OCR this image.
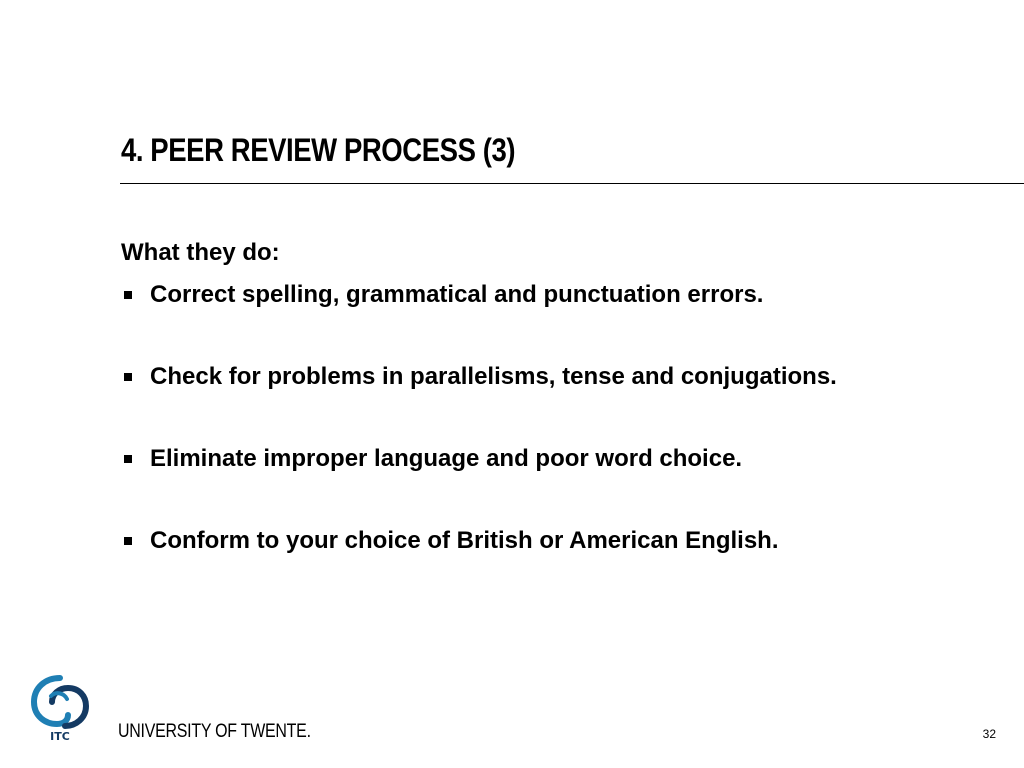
4. PEER REVIEW PROCESS (3)
What they do:
Correct spelling, grammatical and punctuation errors.
Check for problems in parallelisms, tense and conjugations.
Eliminate improper language and poor word choice.
Conform to your choice of British or American English.
ITC	UNIVERSITY OF TWENTE.	32
